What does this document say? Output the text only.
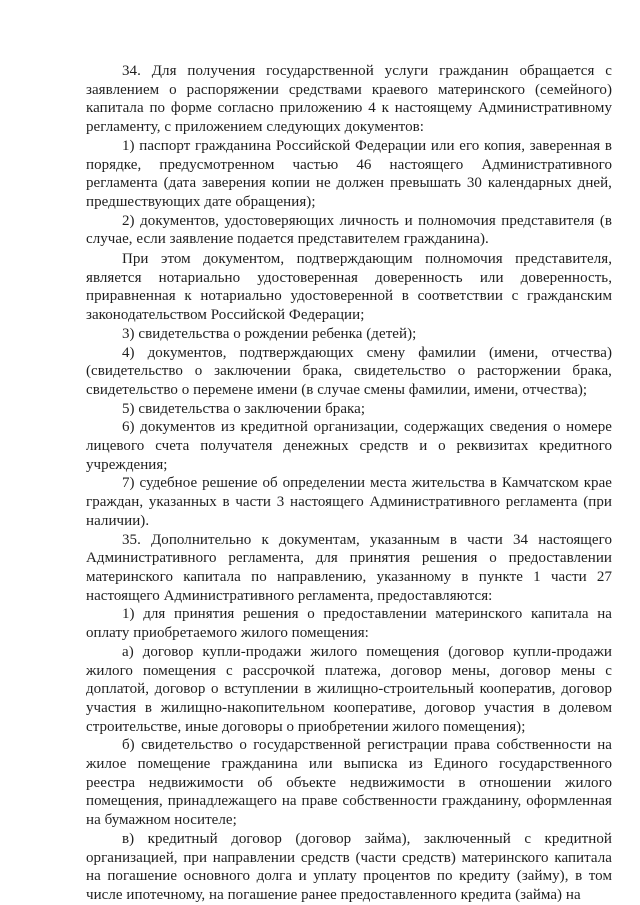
34. Для получения государственной услуги гражданин обращается с заявлением о распоряжении средствами краевого материнского (семейного) капитала по форме согласно приложению 4 к настоящему Административному регламенту, с приложением следующих документов:

1) паспорт гражданина Российской Федерации или его копия, заверенная в порядке, предусмотренном частью 46 настоящего Административного регламента (дата заверения копии не должен превышать 30 календарных дней, предшествующих дате обращения);

2) документов, удостоверяющих личность и полномочия представителя (в случае, если заявление подается представителем гражданина).

При этом документом, подтверждающим полномочия представителя, является нотариально удостоверенная доверенность или доверенность, приравненная к нотариально удостоверенной в соответствии с гражданским законодательством Российской Федерации;

3) свидетельства о рождении ребенка (детей);

4) документов, подтверждающих смену фамилии (имени, отчества) (свидетельство о заключении брака, свидетельство о расторжении брака, свидетельство о перемене имени (в случае смены фамилии, имени, отчества);

5) свидетельства о заключении брака;

6) документов из кредитной организации, содержащих сведения о номере лицевого счета получателя денежных средств и о реквизитах кредитного учреждения;

7) судебное решение об определении места жительства в Камчатском крае граждан, указанных в части 3 настоящего Административного регламента (при наличии).

35. Дополнительно к документам, указанным в части 34 настоящего Административного регламента, для принятия решения о предоставлении материнского капитала по направлению, указанному в пункте 1 части 27 настоящего Административного регламента, предоставляются:

1) для принятия решения о предоставлении материнского капитала на оплату приобретаемого жилого помещения:

а) договор купли-продажи жилого помещения (договор купли-продажи жилого помещения с рассрочкой платежа, договор мены, договор мены с доплатой, договор о вступлении в жилищно-строительный кооператив, договор участия в жилищно-накопительном кооперативе, договор участия в долевом строительстве, иные договоры о приобретении жилого помещения);

б) свидетельство о государственной регистрации права собственности на жилое помещение гражданина или выписка из Единого государственного реестра недвижимости об объекте недвижимости в отношении жилого помещения, принадлежащего на праве собственности гражданину, оформленная на бумажном носителе;

в) кредитный договор (договор займа), заключенный с кредитной организацией, при направлении средств (части средств) материнского капитала на погашение основного долга и уплату процентов по кредиту (займу), в том числе ипотечному, на погашение ранее предоставленного кредита (займа) на
